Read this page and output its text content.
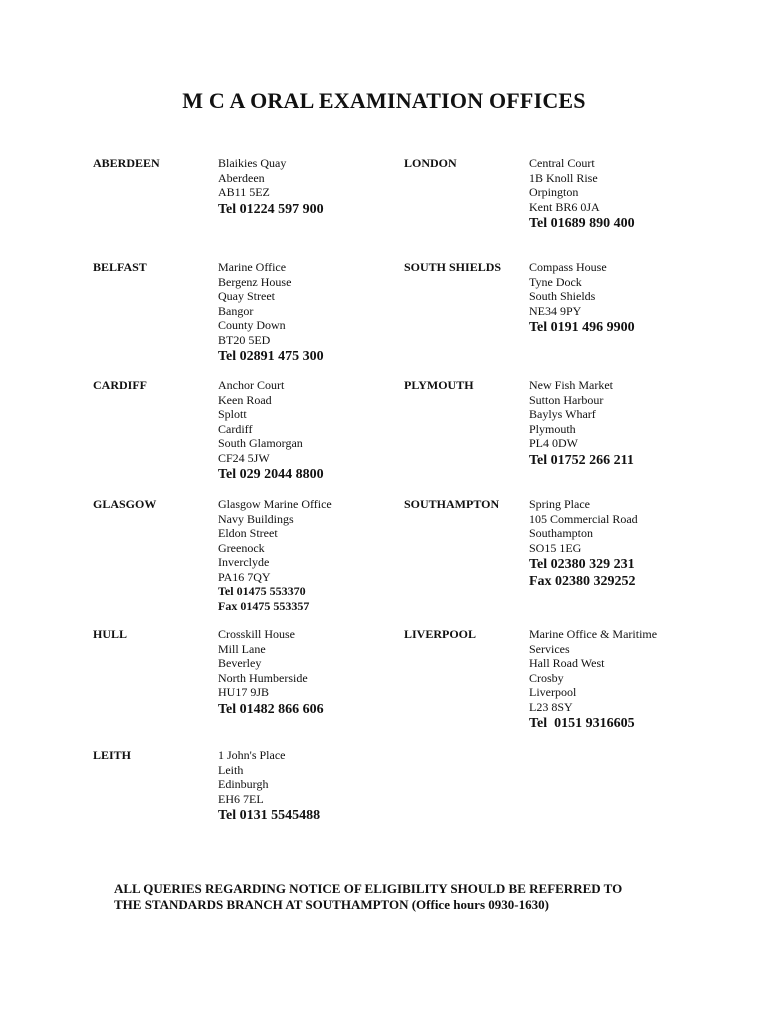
M C A ORAL EXAMINATION OFFICES
ABERDEEN	Blaikies Quay
Aberdeen
AB11 5EZ
Tel 01224 597 900
LONDON	Central Court
1B Knoll Rise
Orpington
Kent BR6 0JA
Tel 01689 890 400
BELFAST	Marine Office
Bergenz House
Quay Street
Bangor
County Down
BT20 5ED
Tel 02891 475 300
SOUTH SHIELDS Compass House
Tyne Dock
South Shields
NE34 9PY
Tel 0191 496 9900
CARDIFF	Anchor Court
Keen Road
Splott
Cardiff
South Glamorgan
CF24 5JW
Tel 029 2044 8800
PLYMOUTH	New Fish Market
Sutton Harbour
Baylys Wharf
Plymouth
PL4 0DW
Tel 01752 266 211
GLASGOW	Glasgow Marine Office
Navy Buildings
Eldon Street
Greenock
Inverclyde
PA16 7QY
Tel 01475 553370
Fax 01475 553357
SOUTHAMPTON Spring Place
105 Commercial Road
Southampton
SO15 1EG
Tel 02380 329 231
Fax 02380 329252
HULL	Crosskill House
Mill Lane
Beverley
North Humberside
HU17 9JB
Tel 01482 866 606
LIVERPOOL	Marine Office & Maritime
Services
Hall Road West
Crosby
Liverpool
L23 8SY
Tel  0151 9316605
LEITH	1 John's Place
Leith
Edinburgh
EH6 7EL
Tel 0131 5545488

ALL QUERIES REGARDING NOTICE OF ELIGIBILITY SHOULD BE REFERRED TO
THE STANDARDS BRANCH AT SOUTHAMPTON (Office hours 0930-1630)
